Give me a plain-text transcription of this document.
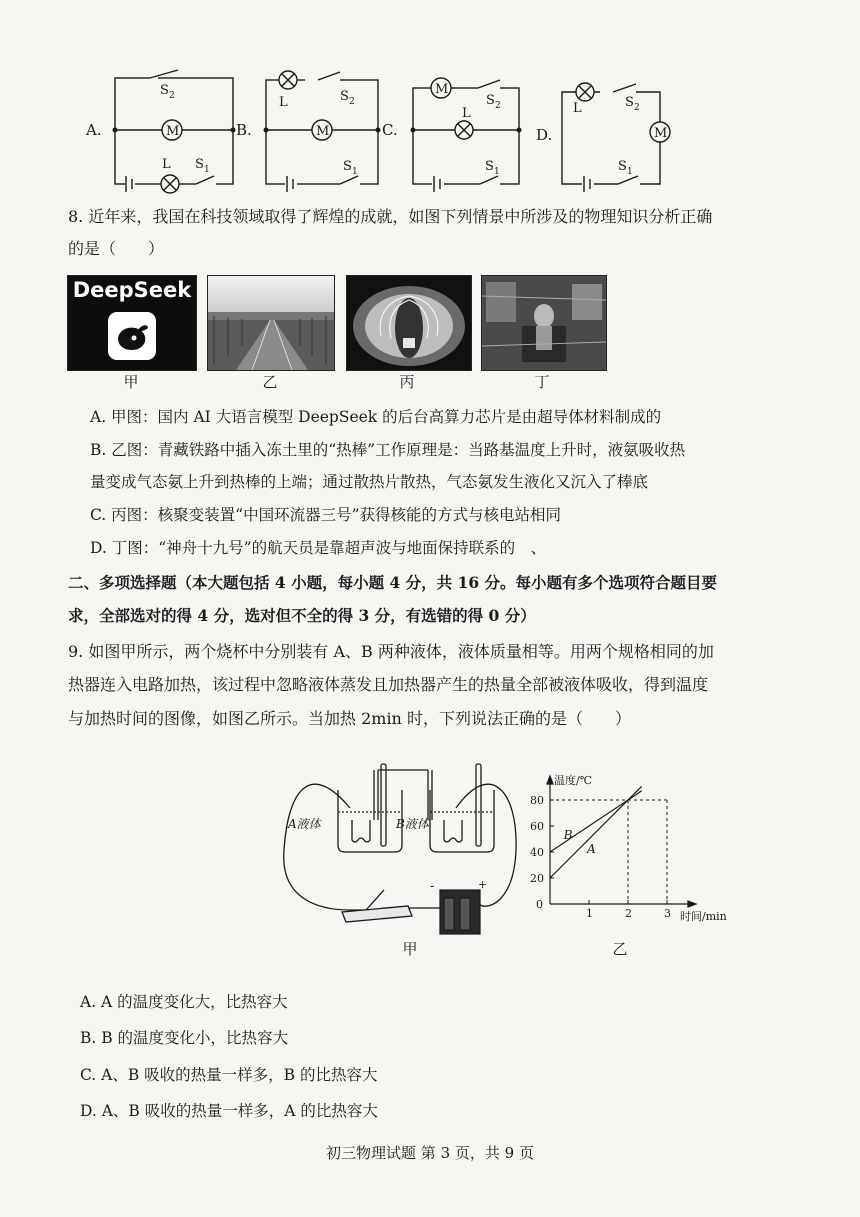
A.	M
S 2
L S 1
B.
L	S 2
M
S 1
C.
M
S 2
L
S 1
D.
L	S 2
M
S 1
8. 近年来，我国在科技领域取得了辉煌的成就，如图下列情景中所涉及的物理知识分析正确
的是（　　）
DeepSeek
甲	乙	丙	丁
A. 甲图：国内 AI 大语言模型 DeepSeek 的后台高算力芯片是由超导体材料制成的
B. 乙图：青藏铁路中插入冻土里的“热棒”工作原理是：当路基温度上升时，液氨吸收热
量变成气态氨上升到热棒的上端；通过散热片散热，气态氨发生液化又沉入了棒底
C. 丙图：核聚变装置“中国环流器三号”获得核能的方式与核电站相同
D. 丁图：“神舟十九号”的航天员是靠超声波与地面保持联系的　、
二、多项选择题（本大题包括 4 小题，每小题 4 分，共 16 分。每小题有多个选项符合题目要
求，全部选对的得 4 分，选对但不全的得 3 分，有选错的得 0 分）
9. 如图甲所示，两个烧杯中分别装有 A、B 两种液体，液体质量相等。用两个规格相同的加
热器连入电路加热，该过程中忽略液体蒸发且加热器产生的热量全部被液体吸收，得到温度
与加热时间的图像，如图乙所示。当加热 2min 时，下列说法正确的是（　　）
-	+
A液体	B液体
甲
温度/℃
时间/min
0
20
40
60
80
1	2	3
A
B
乙
A. A 的温度变化大，比热容大
B. B 的温度变化小，比热容大
C. A、B 吸收的热量一样多，B 的比热容大
D. A、B 吸收的热量一样多，A 的比热容大
初三物理试题 第 3 页，共 9 页
